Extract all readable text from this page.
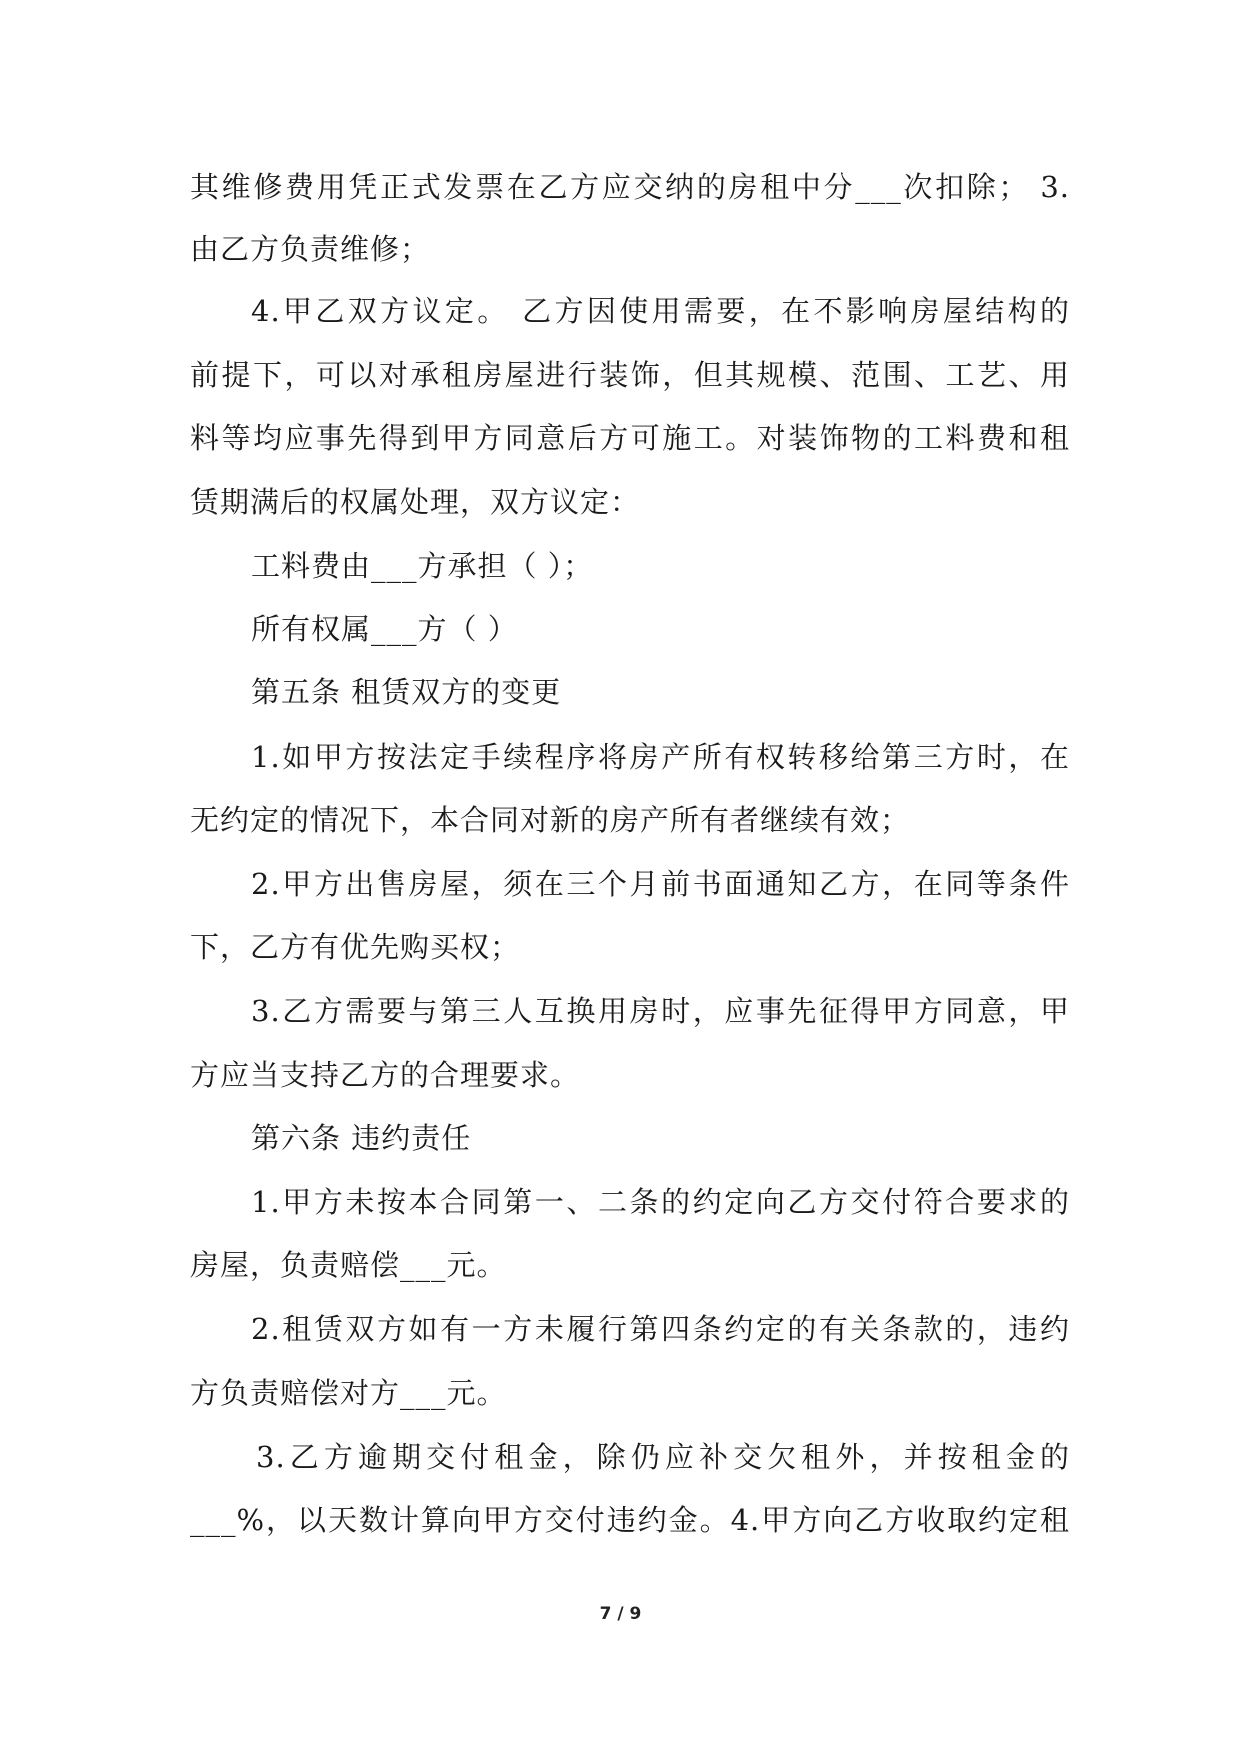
其维修费用凭正式发票在乙方应交纳的房租中分___次扣除； 3.
由乙方负责维修；
4.甲乙双方议定。 乙方因使用需要，在不影响房屋结构的
前提下，可以对承租房屋进行装饰，但其规模、范围、工艺、用
料等均应事先得到甲方同意后方可施工。对装饰物的工料费和租
赁期满后的权属处理，双方议定：
工料费由___方承担（ ）；
所有权属___方（ ）
第五条 租赁双方的变更
1.如甲方按法定手续程序将房产所有权转移给第三方时，在
无约定的情况下，本合同对新的房产所有者继续有效；
2.甲方出售房屋，须在三个月前书面通知乙方，在同等条件
下，乙方有优先购买权；
3.乙方需要与第三人互换用房时，应事先征得甲方同意，甲
方应当支持乙方的合理要求。
第六条 违约责任
1.甲方未按本合同第一、二条的约定向乙方交付符合要求的
房屋，负责赔偿___元。
2.租赁双方如有一方未履行第四条约定的有关条款的，违约
方负责赔偿对方___元。
3.乙方逾期交付租金，除仍应补交欠租外，并按租金的
___%，以天数计算向甲方交付违约金。4.甲方向乙方收取约定租
7 / 9
